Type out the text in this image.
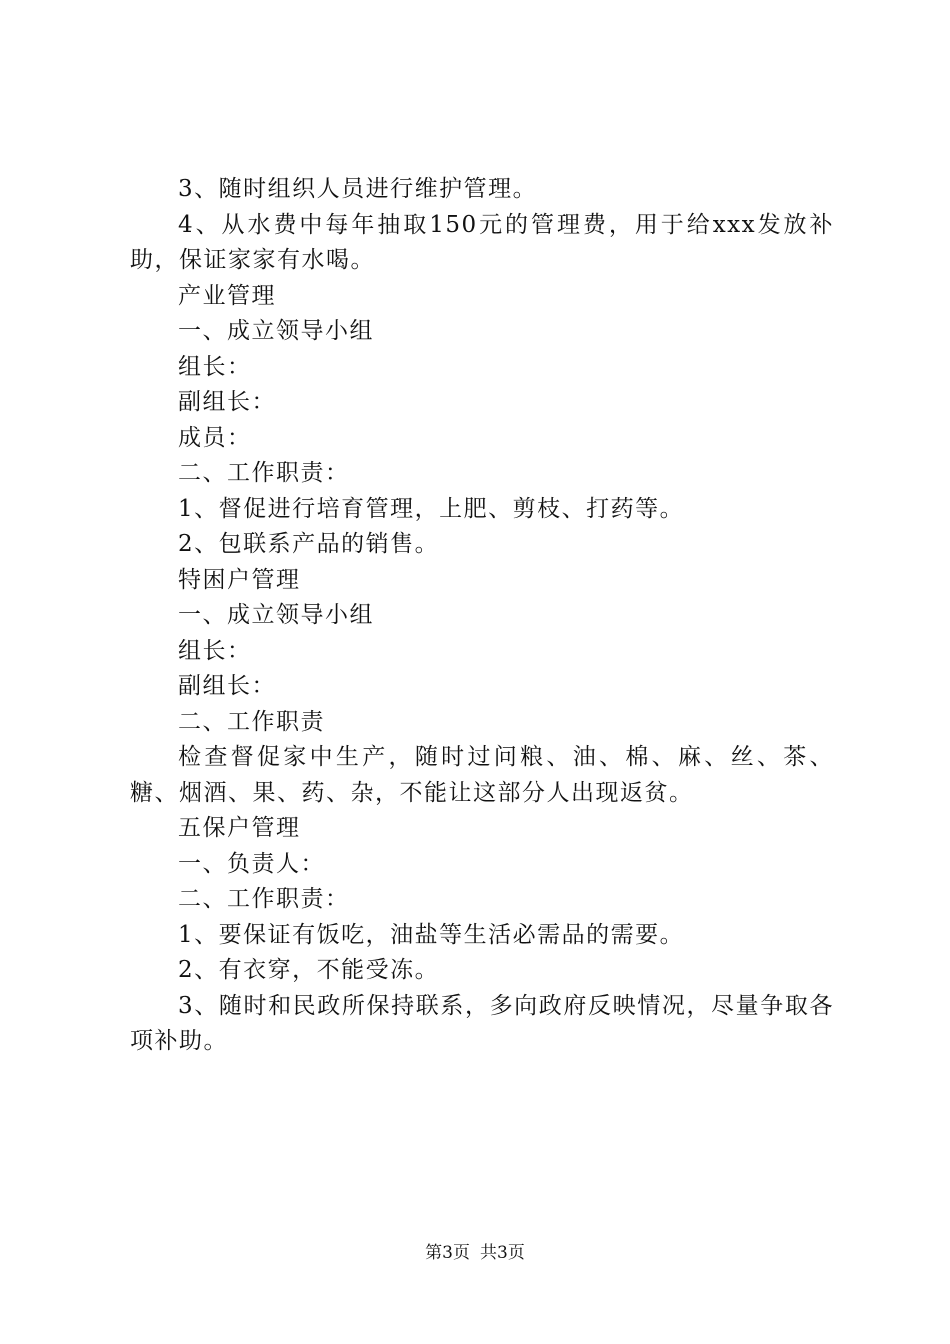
3、随时组织人员进行维护管理。

4、从水费中每年抽取150元的管理费，用于给xxx发放补助，保证家家有水喝。

产业管理

一、成立领导小组

组长：

副组长：

成员：

二、工作职责：

1、督促进行培育管理，上肥、剪枝、打药等。

2、包联系产品的销售。

特困户管理

一、成立领导小组

组长：

副组长：

二、工作职责

检查督促家中生产，随时过问粮、油、棉、麻、丝、茶、糖、烟酒、果、药、杂，不能让这部分人出现返贫。

五保户管理

一、负责人：

二、工作职责：

1、要保证有饭吃，油盐等生活必需品的需要。

2、有衣穿，不能受冻。

3、随时和民政所保持联系，多向政府反映情况，尽量争取各项补助。

第3页 共3页
